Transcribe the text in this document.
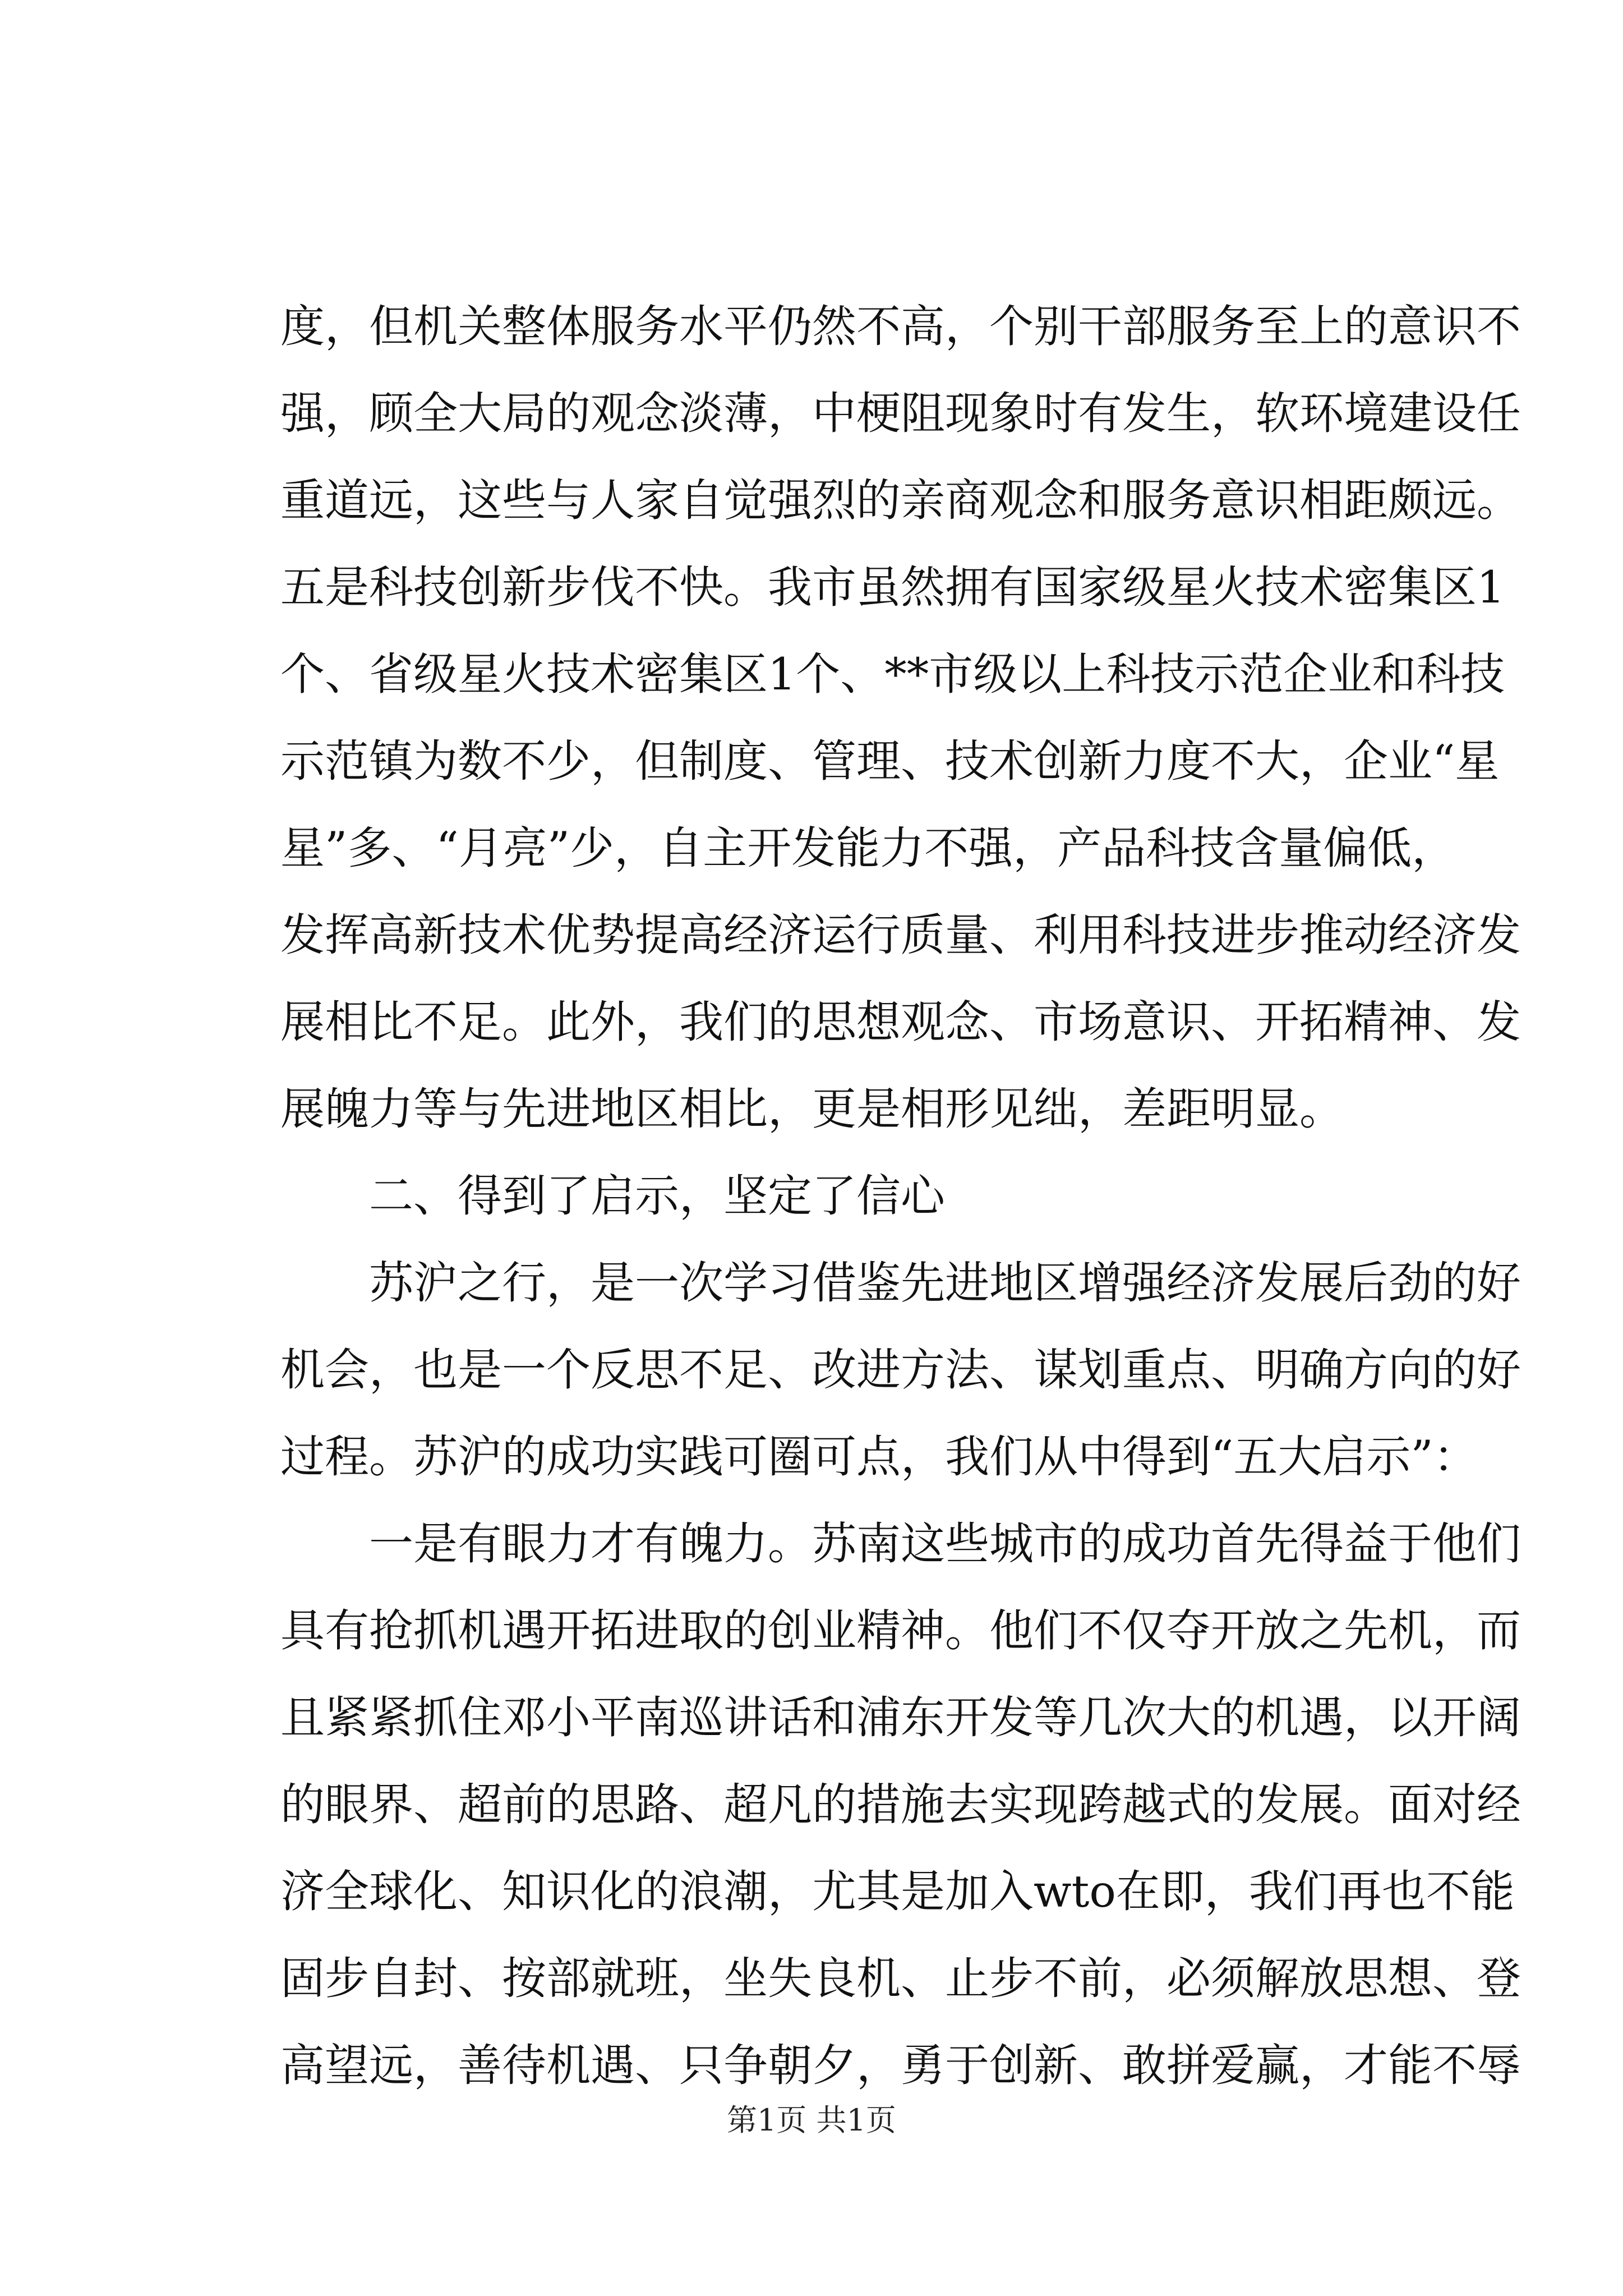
度，但机关整体服务水平仍然不高，个别干部服务至上的意识不
强，顾全大局的观念淡薄，中梗阻现象时有发生，软环境建设任
重道远，这些与人家自觉强烈的亲商观念和服务意识相距颇远。
五是科技创新步伐不快。我市虽然拥有国家级星火技术密集区1
个、省级星火技术密集区1个、**市级以上科技示范企业和科技
示范镇为数不少，但制度、管理、技术创新力度不大，企业“星
星”多、“月亮”少，自主开发能力不强，产品科技含量偏低，
发挥高新技术优势提高经济运行质量、利用科技进步推动经济发
展相比不足。此外，我们的思想观念、市场意识、开拓精神、发
展魄力等与先进地区相比，更是相形见绌，差距明显。
二、得到了启示，坚定了信心
苏沪之行，是一次学习借鉴先进地区增强经济发展后劲的好
机会，也是一个反思不足、改进方法、谋划重点、明确方向的好
过程。苏沪的成功实践可圈可点，我们从中得到“五大启示”：
一是有眼力才有魄力。苏南这些城市的成功首先得益于他们
具有抢抓机遇开拓进取的创业精神。他们不仅夺开放之先机，而
且紧紧抓住邓小平南巡讲话和浦东开发等几次大的机遇，以开阔
的眼界、超前的思路、超凡的措施去实现跨越式的发展。面对经
济全球化、知识化的浪潮，尤其是加入wto在即，我们再也不能
固步自封、按部就班，坐失良机、止步不前，必须解放思想、登
高望远，善待机遇、只争朝夕，勇于创新、敢拼爱赢，才能不辱
第1页 共1页
